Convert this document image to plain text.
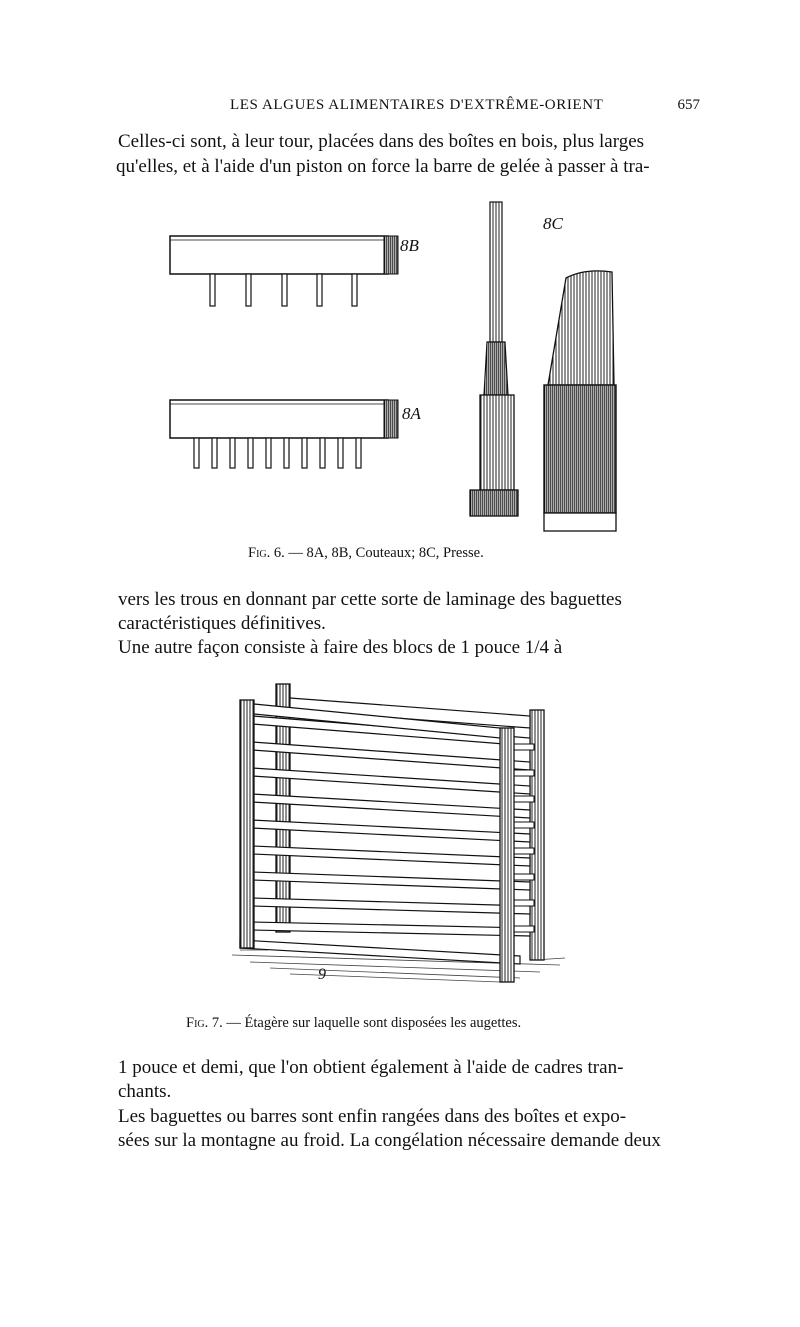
LES ALGUES ALIMENTAIRES D'EXTRÊME-ORIENT	657
Celles-ci sont, à leur tour, placées dans des boîtes en bois, plus larges
qu'elles, et à l'aide d'un piston on force la barre de gelée à passer à tra-
8B
8A
8C
Fig. 6. — 8A, 8B, Couteaux; 8C, Presse.
vers les trous en donnant par cette sorte de laminage des baguettes
caractéristiques définitives.
Une autre façon consiste à faire des blocs de 1 pouce 1/4 à
9
Fig. 7. — Étagère sur laquelle sont disposées les augettes.
1 pouce et demi, que l'on obtient également à l'aide de cadres tran-
chants.
Les baguettes ou barres sont enfin rangées dans des boîtes et expo-
sées sur la montagne au froid. La congélation nécessaire demande deux
